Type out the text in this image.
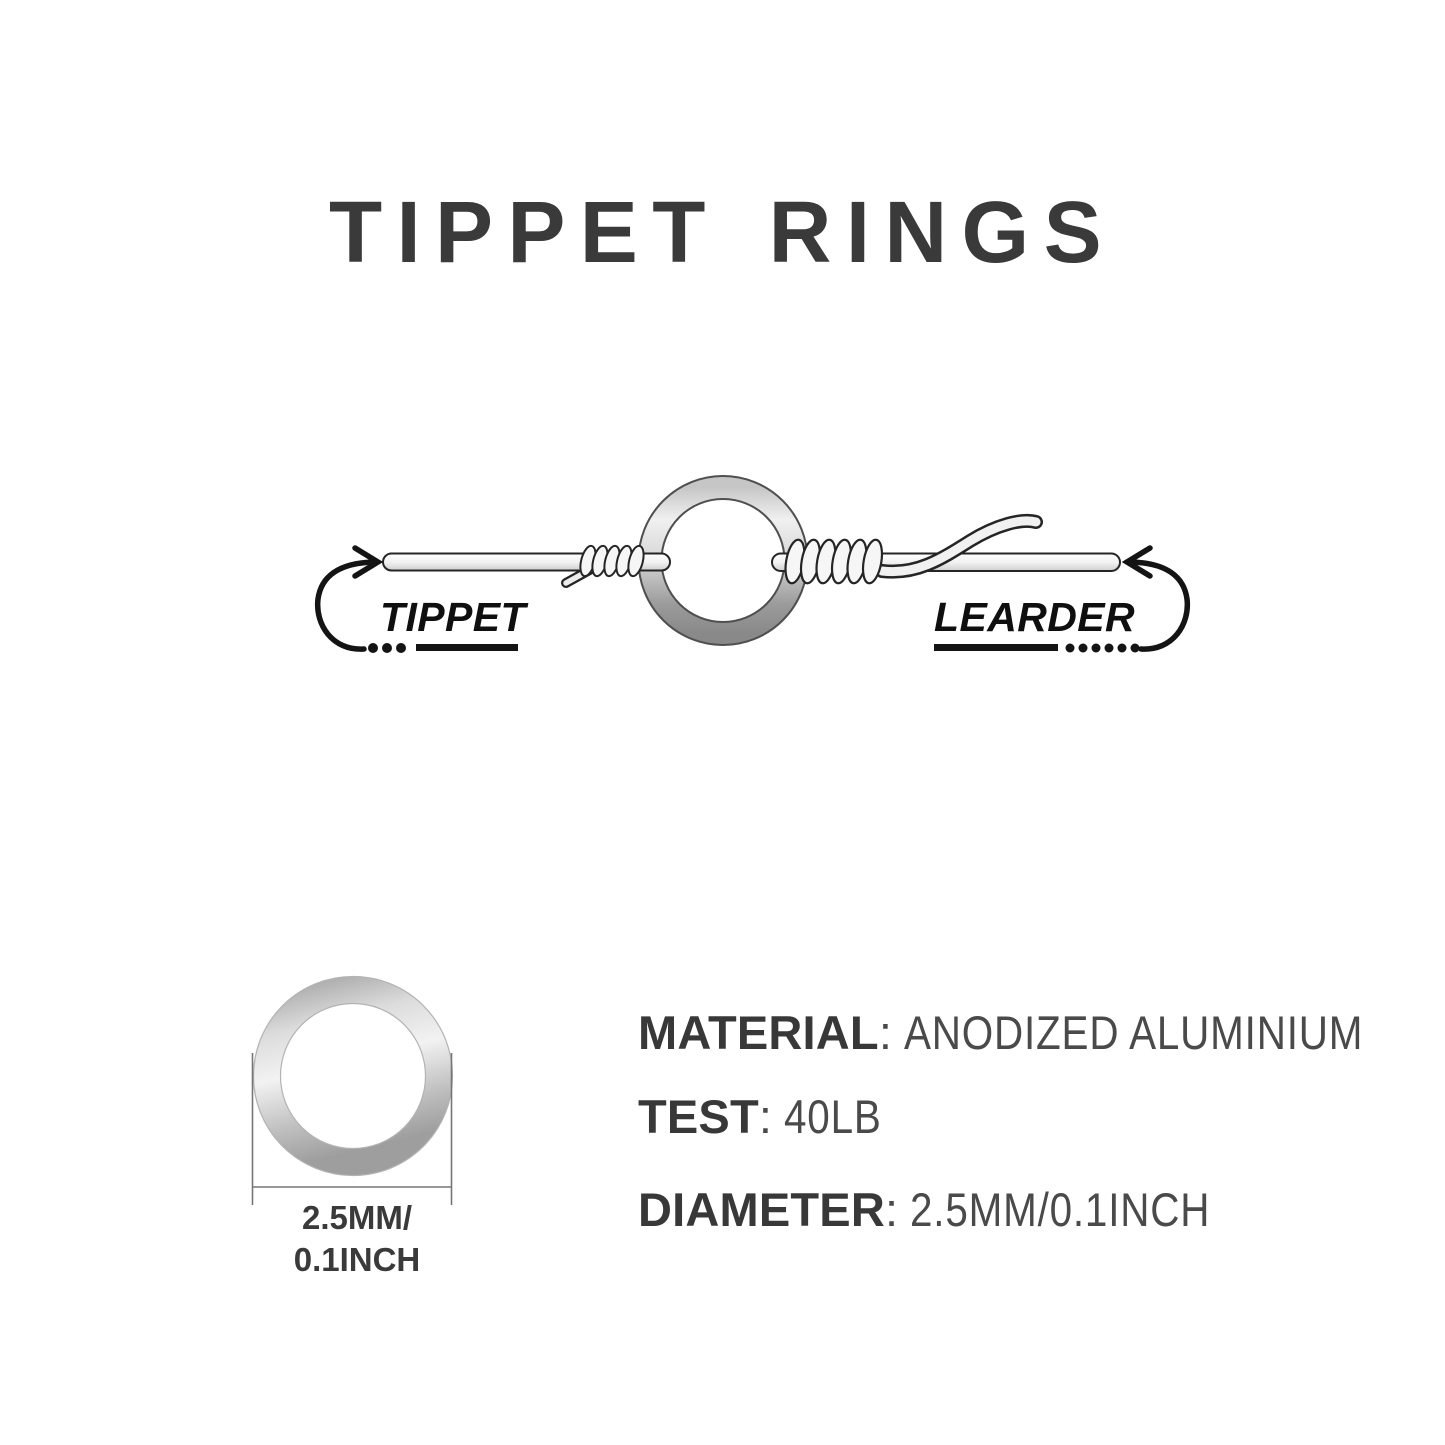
TIPPET RINGS
TIPPET	LEARDER
2.5MM/
0.1INCH
MATERIAL: ANODIZED ALUMINIUM
TEST: 40LB
DIAMETER: 2.5MM/0.1INCH
